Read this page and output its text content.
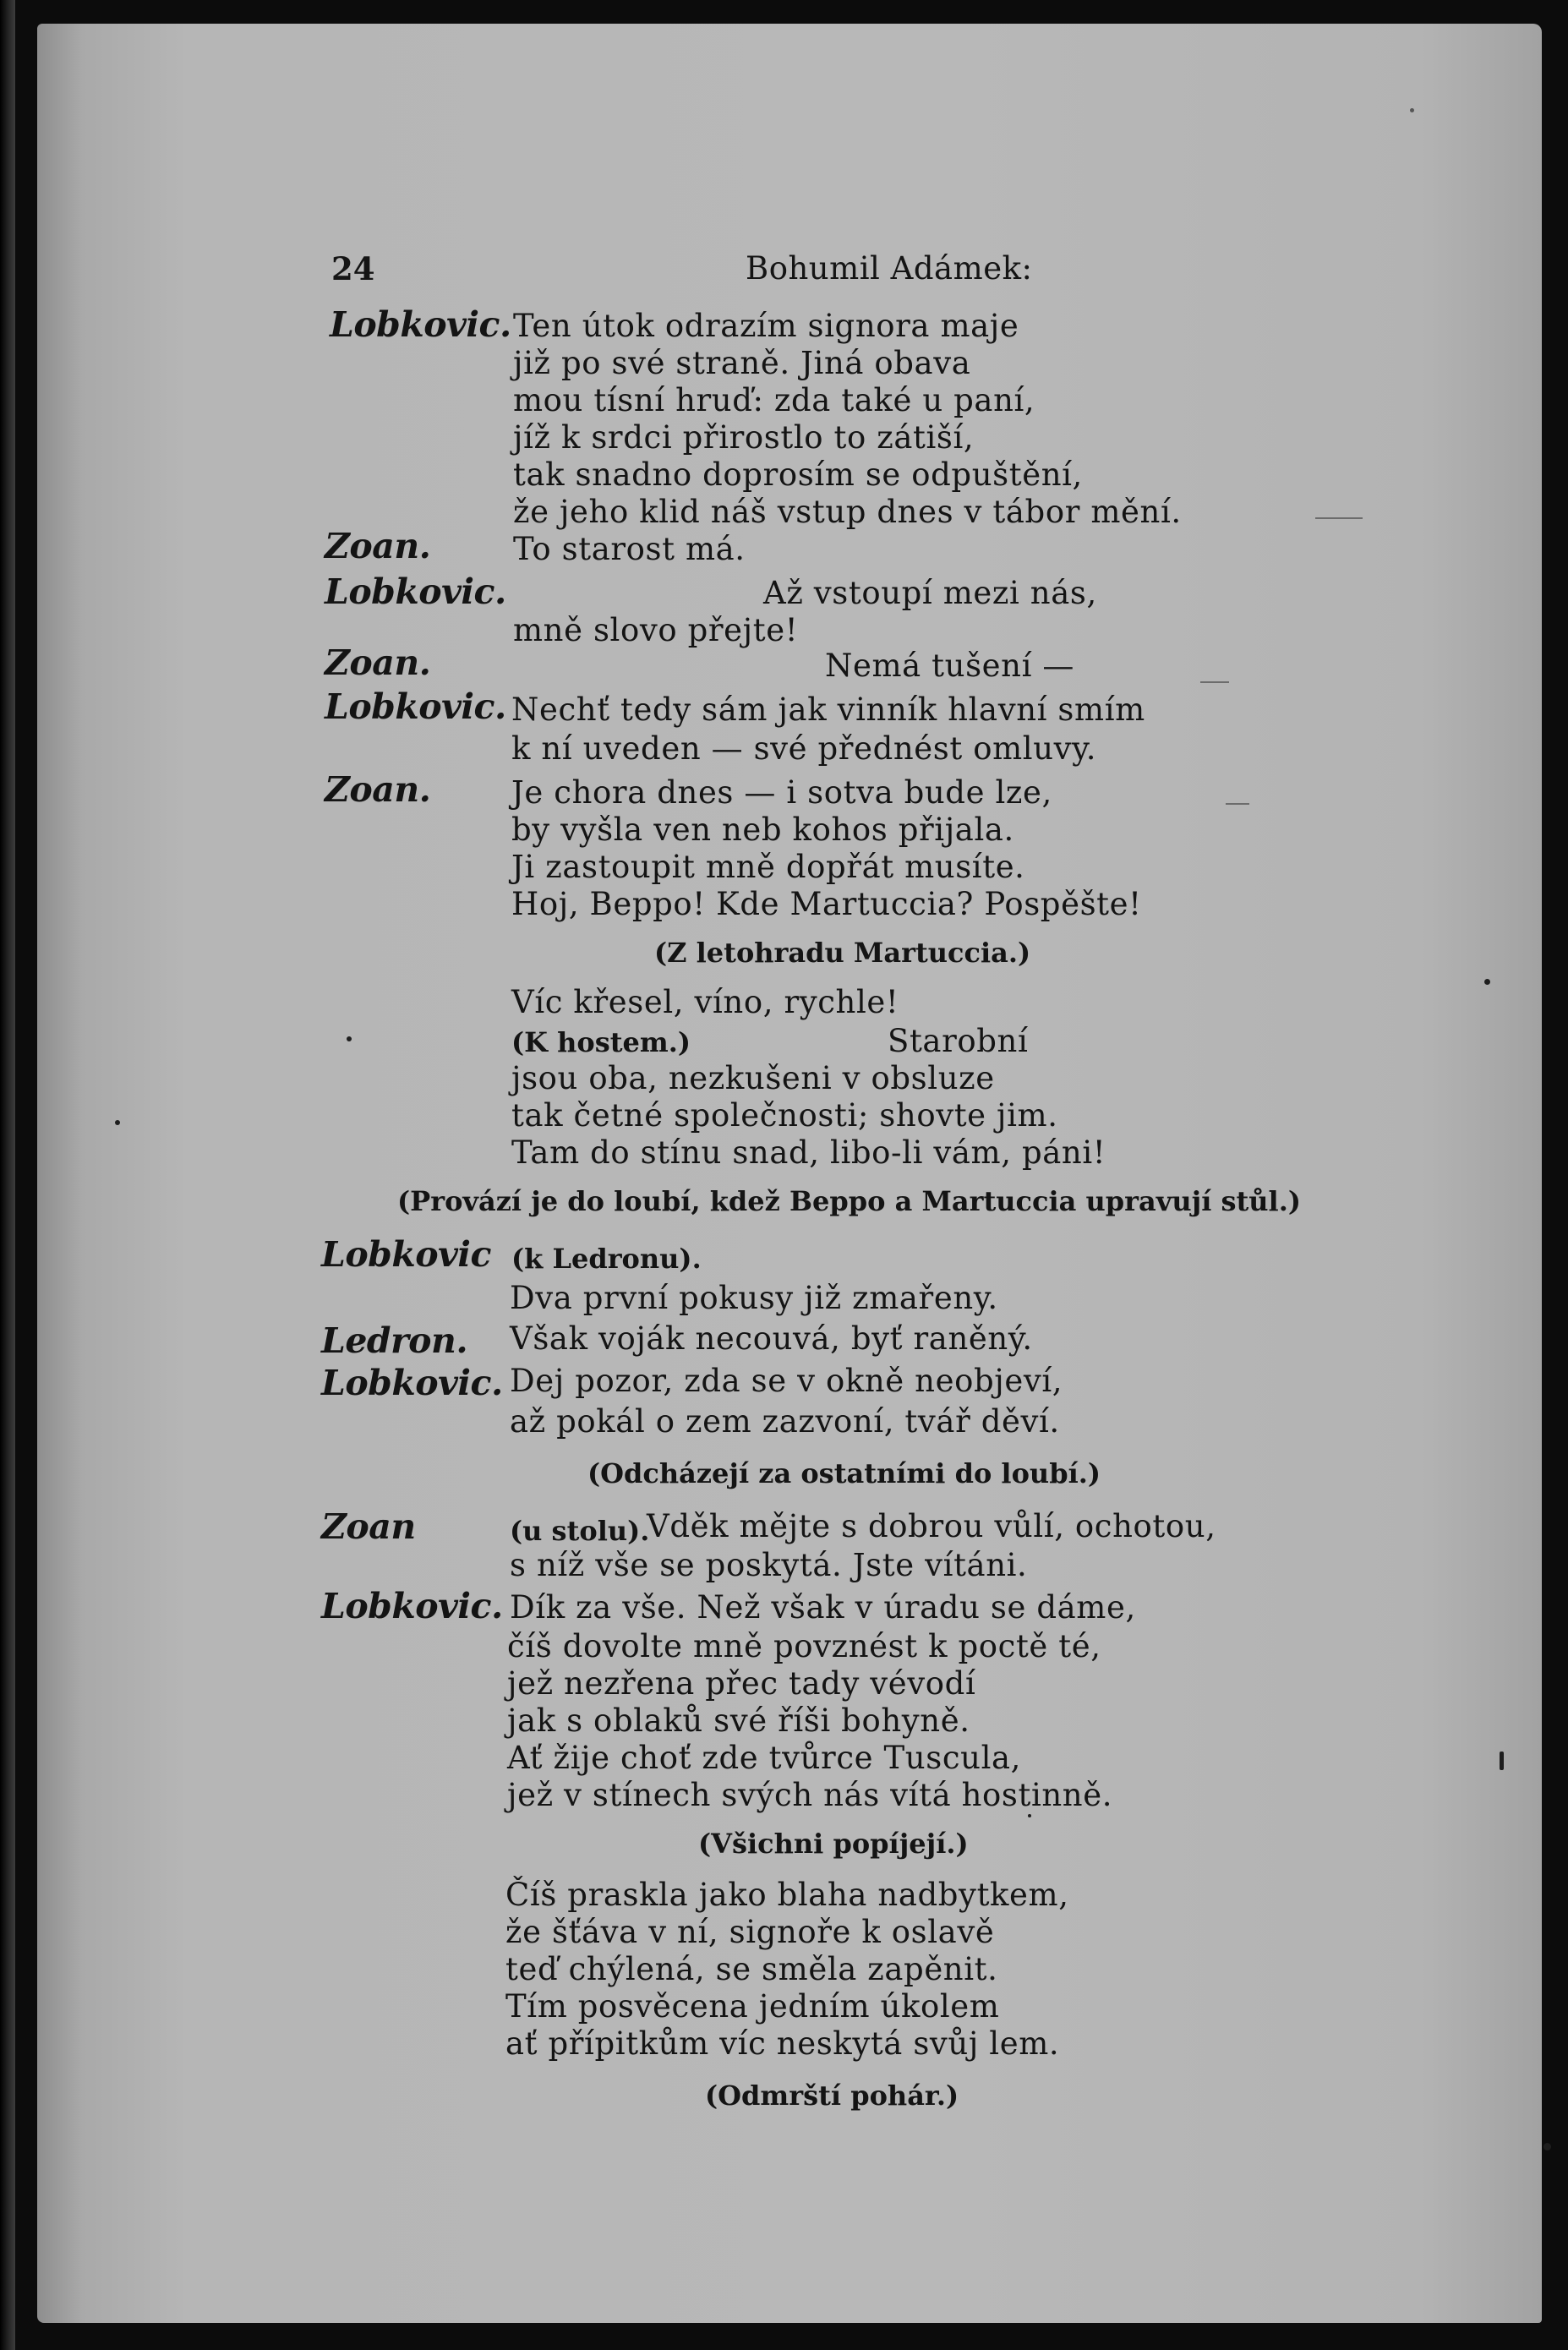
24	Bohumil Adámek:
Lobkovic.
Zoan.
Lobkovic.
Zoan.
Lobkovic.
Zoan.
Lobkovic
Ledron.
Lobkovic.
Zoan
Lobkovic.
Ten útok odrazím signora maje
již po své straně. Jiná obava
mou tísní hruď: zda také u paní,
jíž k srdci přirostlo to zátiší,
tak snadno doprosím se odpuštění,
že jeho klid náš vstup dnes v tábor mění.
To starost má.
Až vstoupí mezi nás,
mně slovo přejte!
Nemá tušení —
Nechť tedy sám jak vinník hlavní smím
k ní uveden — své přednést omluvy.
Je chora dnes — i sotva bude lze,
by vyšla ven neb kohos přijala.
Ji zastoupit mně dopřát musíte.
Hoj, Beppo! Kde Martuccia? Pospěšte!
(Z letohradu Martuccia.)
Víc křesel, víno, rychle!
(K hostem.)	Starobní
jsou oba, nezkušeni v obsluze
tak četné společnosti; shovte jim.
Tam do stínu snad, libo-li vám, páni!
(Provází je do loubí, kdež Beppo a Martuccia upravují stůl.)
(k Ledronu).
Dva první pokusy již zmařeny.
Však voják necouvá, byť raněný.
Dej pozor, zda se v okně neobjeví,
až pokál o zem zazvoní, tvář děví.
(Odcházejí za ostatními do loubí.)
(u stolu).
Vděk mějte s dobrou vůlí, ochotou,
s níž vše se poskytá. Jste vítáni.
Dík za vše. Než však v úradu se dáme,
číš dovolte mně povznést k poctě té,
jež nezřena přec tady vévodí
jak s oblaků své říši bohyně.
Ať žije choť zde tvůrce Tuscula,
jež v stínech svých nás vítá hostinně.
(Všichni popíjejí.)
Číš praskla jako blaha nadbytkem,
že šťáva v ní, signoře k oslavě
teď chýlená, se směla zapěnit.
Tím posvěcena jedním úkolem
ať přípitkům víc neskytá svůj lem.
(Odmrští pohár.)
